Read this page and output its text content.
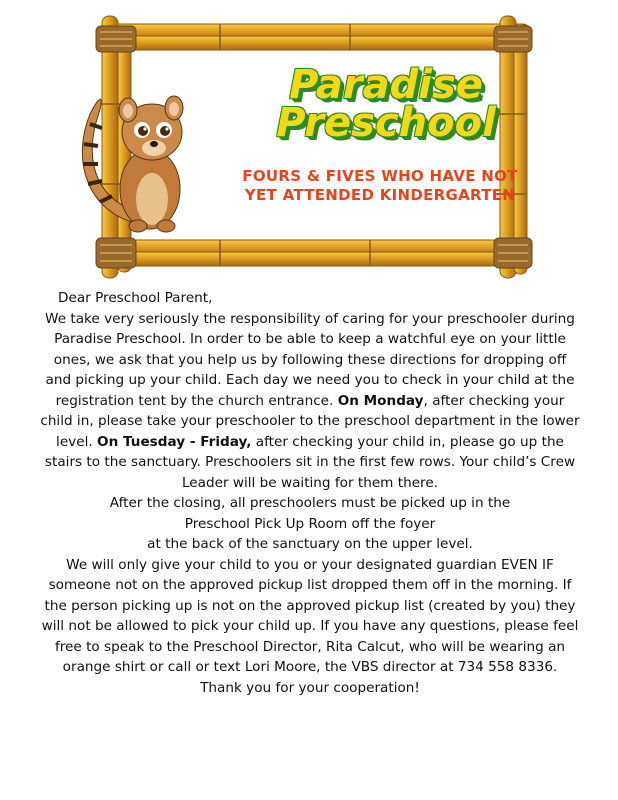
Paradise
Preschool
FOURS & FIVES WHO HAVE NOT
YET ATTENDED KINDERGARTEN
Dear Preschool Parent,
We take very seriously the responsibility of caring for your preschooler during Paradise Preschool. In order to be able to keep a watchful eye on your little ones, we ask that you help us by following these directions for dropping off and picking up your child. Each day we need you to check in your child at the registration tent by the church entrance. On Monday, after checking your child in, please take your preschooler to the preschool department in the lower level. On Tuesday - Friday, after checking your child in, please go up the stairs to the sanctuary. Preschoolers sit in the first few rows. Your child’s Crew Leader will be waiting for them there.
After the closing, all preschoolers must be picked up in the
Preschool Pick Up Room off the foyer
at the back of the sanctuary on the upper level.
We will only give your child to you or your designated guardian EVEN IF someone not on the approved pickup list dropped them off in the morning. If the person picking up is not on the approved pickup list (created by you) they will not be allowed to pick your child up. If you have any questions, please feel free to speak to the Preschool Director, Rita Calcut, who will be wearing an orange shirt or call or text Lori Moore, the VBS director at 734 558 8336.
Thank you for your cooperation!
